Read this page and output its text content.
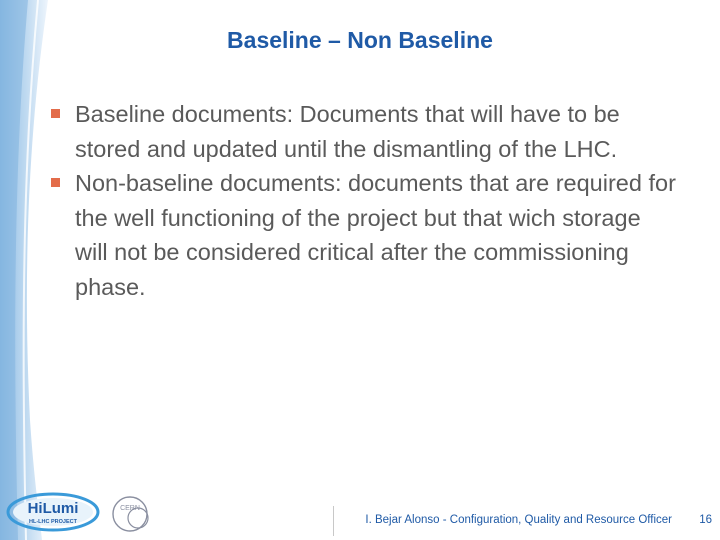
Baseline – Non Baseline
Baseline documents: Documents that will have to be stored and updated until the dismantling of the LHC.
Non-baseline documents: documents that are required for the well functioning of the project but that wich storage will not be considered critical after the commissioning phase.
HiLumi
HL-LHC PROJECT
CERN
I. Bejar Alonso - Configuration, Quality and Resource Officer 16
